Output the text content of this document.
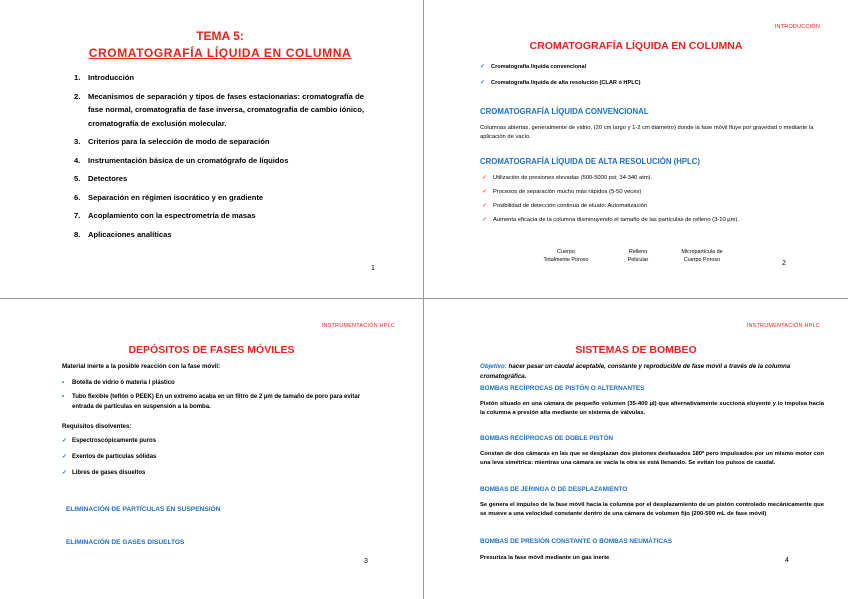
TEMA 5:
CROMATOGRAFÍA LÍQUIDA EN COLUMNA
1.	Introducción
2.	Mecanismos de separación y tipos de fases estacionarias: cromatografía de fase normal, cromatografía de fase inversa, cromatografía de cambio iónico, cromatografía de exclusión molecular.
3.	Criterios para la selección de modo de separación
4.	Instrumentación básica de un cromatógrafo de líquidos
5.	Detectores
6.	Separación en régimen isocrático y en gradiente
7.	Acoplamiento con la espectrometría de masas
8.	Aplicaciones analíticas
1
INTRODUCCIÓN
CROMATOGRAFÍA LÍQUIDA EN COLUMNA
✓ Cromatografía líquida convencional
✓ Cromatografía líquida de alta resolución (CLAR ó HPLC)
CROMATOGRAFÍA LÍQUIDA CONVENCIONAL
Columnas abiertas, generalmente de vidrio, (20 cm largo y 1-2 cm diámetro) donde la fase móvil fluye por gravedad o mediante la aplicación de vacío.
CROMATOGRAFÍA LÍQUIDA DE ALTA RESOLUCIÓN (HPLC)
✓ Utilización de presiones elevadas (500-5000 psi; 34-340 atm).
✓ Procesos de separación mucho más rápidos (5-50 veces)
✓ Posibilidad de detección continua de eluato: Automatización
✓ Aumenta eficacia de la columna disminuyendo el tamaño de las partículas de relleno (3-10 µm).
Cuerpo
Totalmente Poroso
Relleno
Pelicular
Micropartícula de
Cuerpo Poroso
2
INSTRUMENTACIÓN HPLC
DEPÓSITOS DE FASES MÓVILES
Material inerte a la posible reacción con la fase móvil:
•	Botella de vidrio ó materia l plástico
•	Tubo flexible (teflón o PEEK) En un extremo acaba en un filtro de 2 µm de tamaño de poro para evitar entrada de partículas en suspensión a la bomba.
Requisitos disolventes:
✓ Espectroscópicamente puros
✓ Exentos de partículas sólidas
✓ Libres de gases disueltos
ELIMINACIÓN DE PARTÍCULAS EN SUSPENSIÓN
ELIMINACIÓN DE GASES DISUELTOS
3
INSTRUMENTACIÓN HPLC
SISTEMAS DE BOMBEO
Objetivo: hacer pasar un caudal aceptable, constante y reproducible de fase móvil a través de la columna cromatográfica.
BOMBAS RECÍPROCAS DE PISTÓN O ALTERNANTES
Pistón situado en una cámara de pequeño volumen (35-400 µl) que alternativamente succiona eluyente y lo impulsa hacia la columna a presión alta mediante un sistema de válvulas.
BOMBAS RECÍPROCAS DE DOBLE PISTÓN
Constan de dos cámaras en las que se desplazan dos pistones desfasados 180º pero impulsados por un mismo motor con una leva simétrica: mientras una cámara se vacía la otra se está llenando. Se evitan los pulsos de caudal.
BOMBAS DE JERINGA O DE DESPLAZAMIENTO
Se genera el impulso de la fase móvil hacia la columna por el desplazamiento de un pistón controlado mecánicamente que se mueve a una velocidad constante dentro de una cámara de volumen fijo (200-500 mL de fase móvil)
BOMBAS DE PRESIÓN CONSTANTE O BOMBAS NEUMÁTICAS
Presuriza la fase móvil mediante un gas inerte	4
